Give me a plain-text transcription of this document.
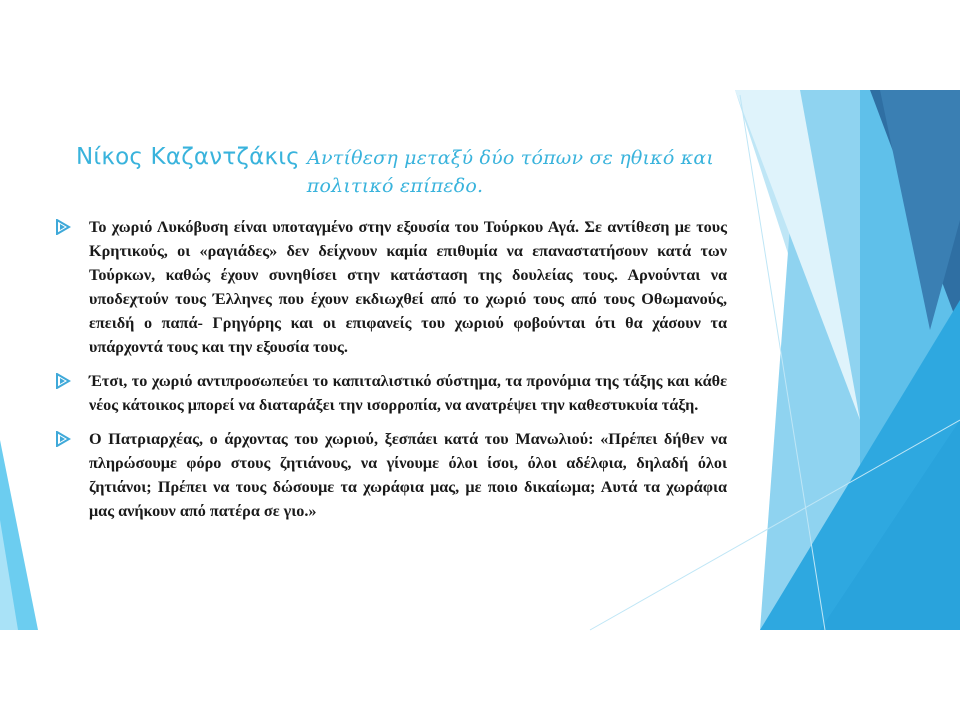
Νίκος Καζαντζάκις Αντίθεση μεταξύ δύο τόπων σε ηθικό και πολιτικό επίπεδο.
Το χωριό Λυκόβυση είναι υποταγμένο στην εξουσία του Τούρκου Αγά. Σε αντίθεση με τους Κρητικούς, οι «ραγιάδες» δεν δείχνουν καμία επιθυμία να επαναστατήσουν κατά των Τούρκων, καθώς έχουν συνηθίσει στην κατάσταση της δουλείας τους. Αρνούνται να υποδεχτούν τους Έλληνες που έχουν εκδιωχθεί από το χωριό τους από τους Οθωμανούς, επειδή ο παπά- Γρηγόρης και οι επιφανείς του χωριού φοβούνται ότι θα χάσουν τα υπάρχοντά τους και την εξουσία τους.
Έτσι, το χωριό αντιπροσωπεύει το καπιταλιστικό σύστημα, τα προνόμια της τάξης και κάθε νέος κάτοικος μπορεί να διαταράξει την ισορροπία, να ανατρέψει την καθεστυκυία τάξη.
Ο Πατριαρχέας, ο άρχοντας του χωριού, ξεσπάει κατά του Μανωλιού: «Πρέπει δήθεν να πληρώσουμε φόρο στους ζητιάνους, να γίνουμε όλοι ίσοι, όλοι αδέλφια, δηλαδή όλοι ζητιάνοι; Πρέπει να τους δώσουμε τα χωράφια μας, με ποιο δικαίωμα; Αυτά τα χωράφια μας ανήκουν από πατέρα σε γιο.»
